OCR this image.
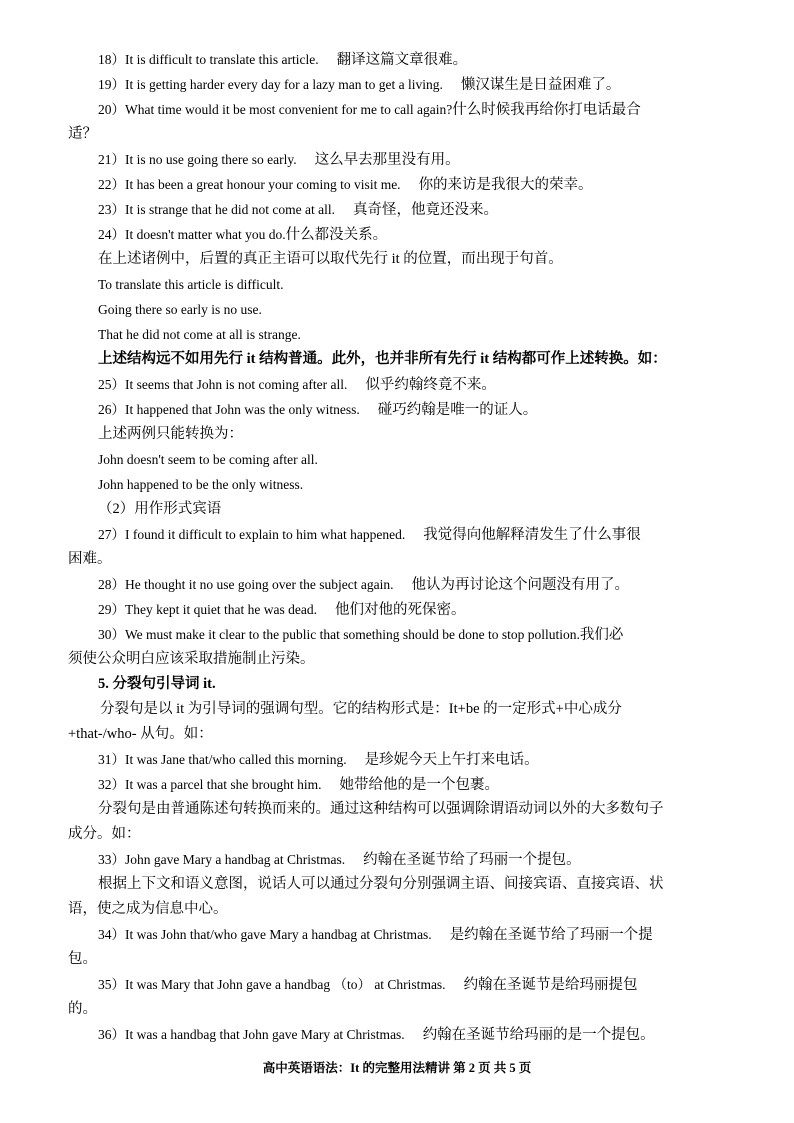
18）It is difficult to translate this article. 翻译这篇文章很难。
19）It is getting harder every day for a lazy man to get a living. 懒汉谋生是日益困难了。
20）What time would it be most convenient for me to call again?什么时候我再给你打电话最合
适？
21）It is no use going there so early. 这么早去那里没有用。
22）It has been a great honour your coming to visit me. 你的来访是我很大的荣幸。
23）It is strange that he did not come at all. 真奇怪，他竟还没来。
24）It doesn't matter what you do.什么都没关系。
在上述诸例中，后置的真正主语可以取代先行 it 的位置，而出现于句首。
To translate this article is difficult.
Going there so early is no use.
That he did not come at all is strange.
上述结构远不如用先行 it 结构普通。此外，也并非所有先行 it 结构都可作上述转换。如：
25）It seems that John is not coming after all. 似乎约翰终竟不来。
26）It happened that John was the only witness. 碰巧约翰是唯一的证人。
上述两例只能转换为：
John doesn't seem to be coming after all.
John happened to be the only witness.
（2）用作形式宾语
27）I found it difficult to explain to him what happened. 我觉得向他解释清发生了什么事很
困难。
28）He thought it no use going over the subject again. 他认为再讨论这个问题没有用了。
29）They kept it quiet that he was dead. 他们对他的死保密。
30）We must make it clear to the public that something should be done to stop pollution.我们必
须使公众明白应该采取措施制止污染。
5. 分裂句引导词 it.
分裂句是以 it 为引导词的强调句型。它的结构形式是：It+be 的一定形式+中心成分
+that-/who- 从句。如：
31）It was Jane that/who called this morning. 是珍妮今天上午打来电话。
32）It was a parcel that she brought him. 她带给他的是一个包裹。
分裂句是由普通陈述句转换而来的。通过这种结构可以强调除谓语动词以外的大多数句子
成分。如：
33）John gave Mary a handbag at Christmas. 约翰在圣诞节给了玛丽一个提包。
根据上下文和语义意图，说话人可以通过分裂句分别强调主语、间接宾语、直接宾语、状
语，使之成为信息中心。
34）It was John that/who gave Mary a handbag at Christmas. 是约翰在圣诞节给了玛丽一个提
包。
35）It was Mary that John gave a handbag （to） at Christmas. 约翰在圣诞节是给玛丽提包
的。
36）It was a handbag that John gave Mary at Christmas. 约翰在圣诞节给玛丽的是一个提包。
高中英语语法：It 的完整用法精讲 第 2 页 共 5 页
